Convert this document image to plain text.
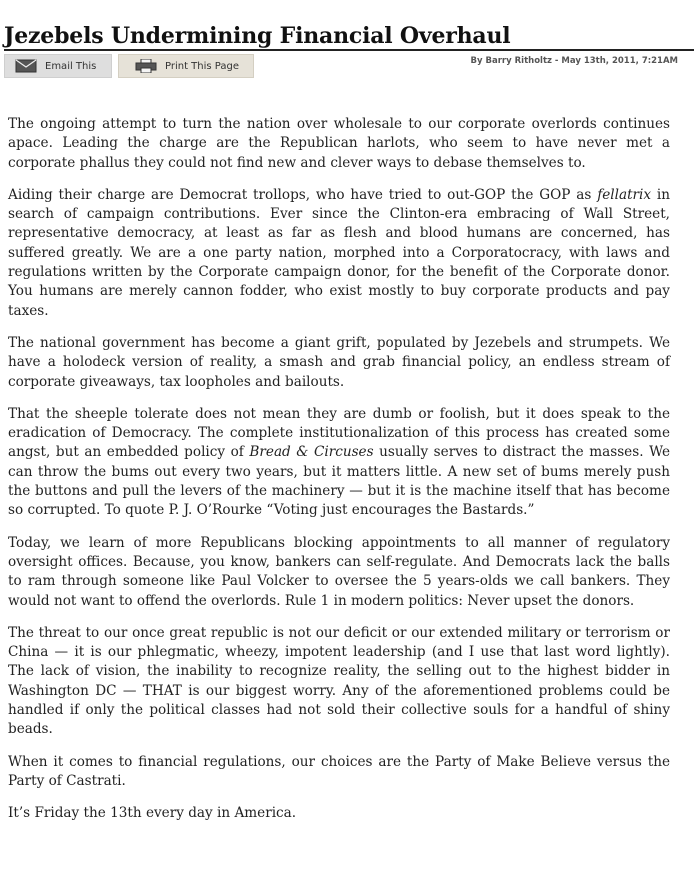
Jezebels Undermining Financial Overhaul
Email This	Print This Page	By Barry Ritholtz - May 13th, 2011, 7:21AM

The ongoing attempt to turn the nation over wholesale to our corporate overlords continues apace. Leading the charge are the Republican harlots, who seem to have never met a corporate phallus they could not find new and clever ways to debase themselves to.

Aiding their charge are Democrat trollops, who have tried to out-GOP the GOP as fellatrix in search of campaign contributions. Ever since the Clinton-era embracing of Wall Street, representative democracy, at least as far as flesh and blood humans are concerned, has suffered greatly. We are a one party nation, morphed into a Corporatocracy, with laws and regulations written by the Corporate campaign donor, for the benefit of the Corporate donor. You humans are merely cannon fodder, who exist mostly to buy corporate products and pay taxes.

The national government has become a giant grift, populated by Jezebels and strumpets. We have a holodeck version of reality, a smash and grab financial policy, an endless stream of corporate giveaways, tax loopholes and bailouts.

That the sheeple tolerate does not mean they are dumb or foolish, but it does speak to the eradication of Democracy. The complete institutionalization of this process has created some angst, but an embedded policy of Bread & Circuses usually serves to distract the masses. We can throw the bums out every two years, but it matters little. A new set of bums merely push the buttons and pull the levers of the machinery — but it is the machine itself that has become so corrupted. To quote P. J. O’Rourke “Voting just encourages the Bastards.”

Today, we learn of more Republicans blocking appointments to all manner of regulatory oversight offices. Because, you know, bankers can self-regulate. And Democrats lack the balls to ram through someone like Paul Volcker to oversee the 5 years-olds we call bankers. They would not want to offend the overlords. Rule 1 in modern politics: Never upset the donors.

The threat to our once great republic is not our deficit or our extended military or terrorism or China — it is our phlegmatic, wheezy, impotent leadership (and I use that last word lightly). The lack of vision, the inability to recognize reality, the selling out to the highest bidder in Washington DC — THAT is our biggest worry. Any of the aforementioned problems could be handled if only the political classes had not sold their collective souls for a handful of shiny beads.

When it comes to financial regulations, our choices are the Party of Make Believe versus the Party of Castrati.

It’s Friday the 13th every day in America.
